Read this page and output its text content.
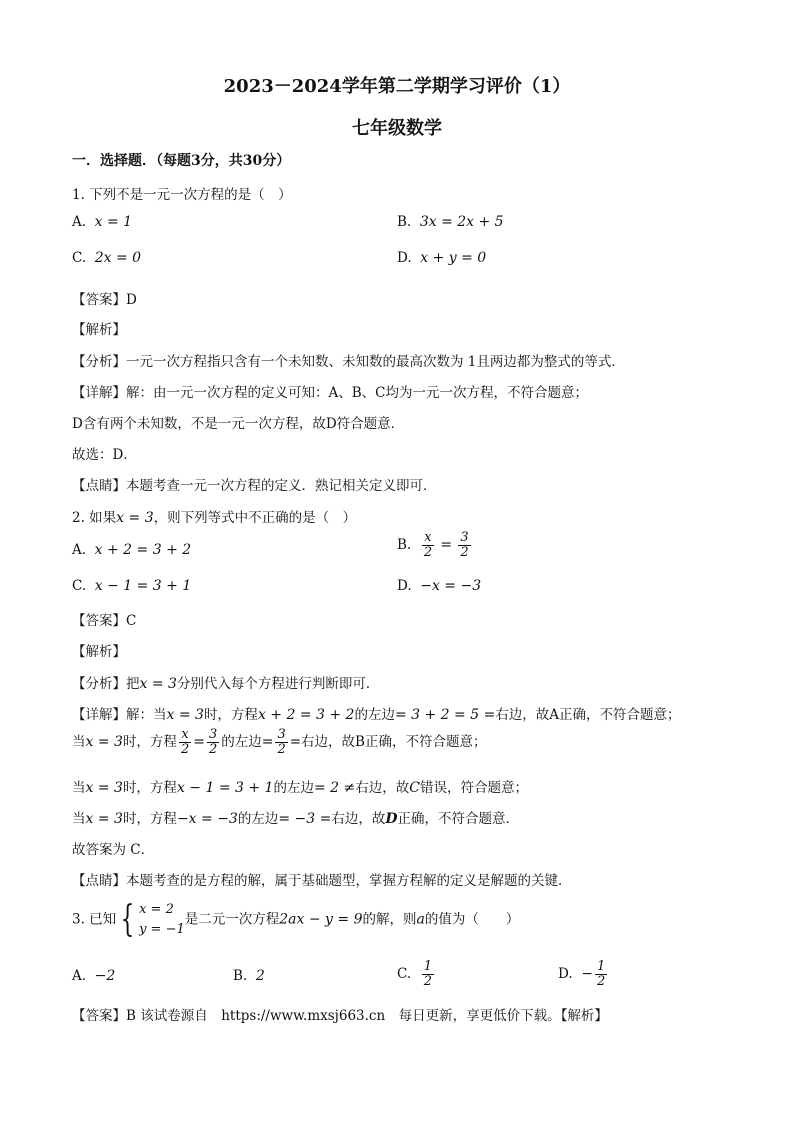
2023－2024学年第二学期学习评价（1）
七年级数学
一．选择题．（每题3分，共30分）
1. 下列不是一元一次方程的是（　）
A. x = 1	B. 3x = 2x + 5
C. 2x = 0	D. x + y = 0
【答案】D
【解析】
【分析】一元一次方程指只含有一个未知数、未知数的最高次数为 1且两边都为整式的等式．
【详解】解：由一元一次方程的定义可知：A、B、C均为一元一次方程，不符合题意；
D含有两个未知数，不是一元一次方程，故D符合题意．
故选：D．
【点睛】本题考查一元一次方程的定义．熟记相关定义即可．
2. 如果x = 3，则下列等式中不正确的是（　）
A. x + 2 = 3 + 2	B. $\frac{x}{2} = \frac{3}{2}$
C. x − 1 = 3 + 1	D. −x = −3
【答案】C
【解析】
【分析】把x = 3分别代入每个方程进行判断即可．
【详解】解：当x = 3时，方程x + 2 = 3 + 2的左边= 3 + 2 = 5 =右边，故A正确，不符合题意；
当x = 3时，方程 $\frac{x}{2} = \frac{3}{2}$ 的左边= $\frac{3}{2}$ =右边，故B正确，不符合题意；
当x = 3时，方程x − 1 = 3 + 1的左边= 2 ≠右边，故C错误，符合题意；
当x = 3时，方程−x = −3的左边= −3 =右边，故D正确，不符合题意．
故答案为 C．
【点睛】本题考查的是方程的解，属于基础题型，掌握方程解的定义是解题的关键．
3. 已知 { x = 2
y = −1
是二元一次方程2ax − y = 9的解，则a的值为（　　）
A. −2	B. 2	C. $\frac{1}{2}$	D. − $\frac{1}{2}$
【答案】B 该试卷源自　https://www.mxsj663.cn　每日更新，享更低价下载。【解析】
